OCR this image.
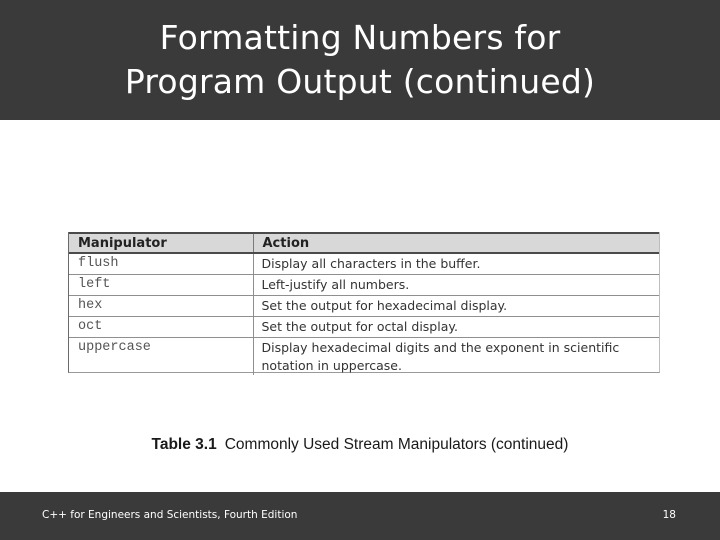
Formatting Numbers for
Program Output (continued)
Manipulator	Action
flush	Display all characters in the buffer.

left	Left-justify all numbers.

hex	Set the output for hexadecimal display.

oct	Set the output for octal display.

uppercase	Display hexadecimal digits and the exponent in scientific
notation in uppercase.
Table 3.1 Commonly Used Stream Manipulators (continued)
C++ for Engineers and Scientists, Fourth Edition	18
